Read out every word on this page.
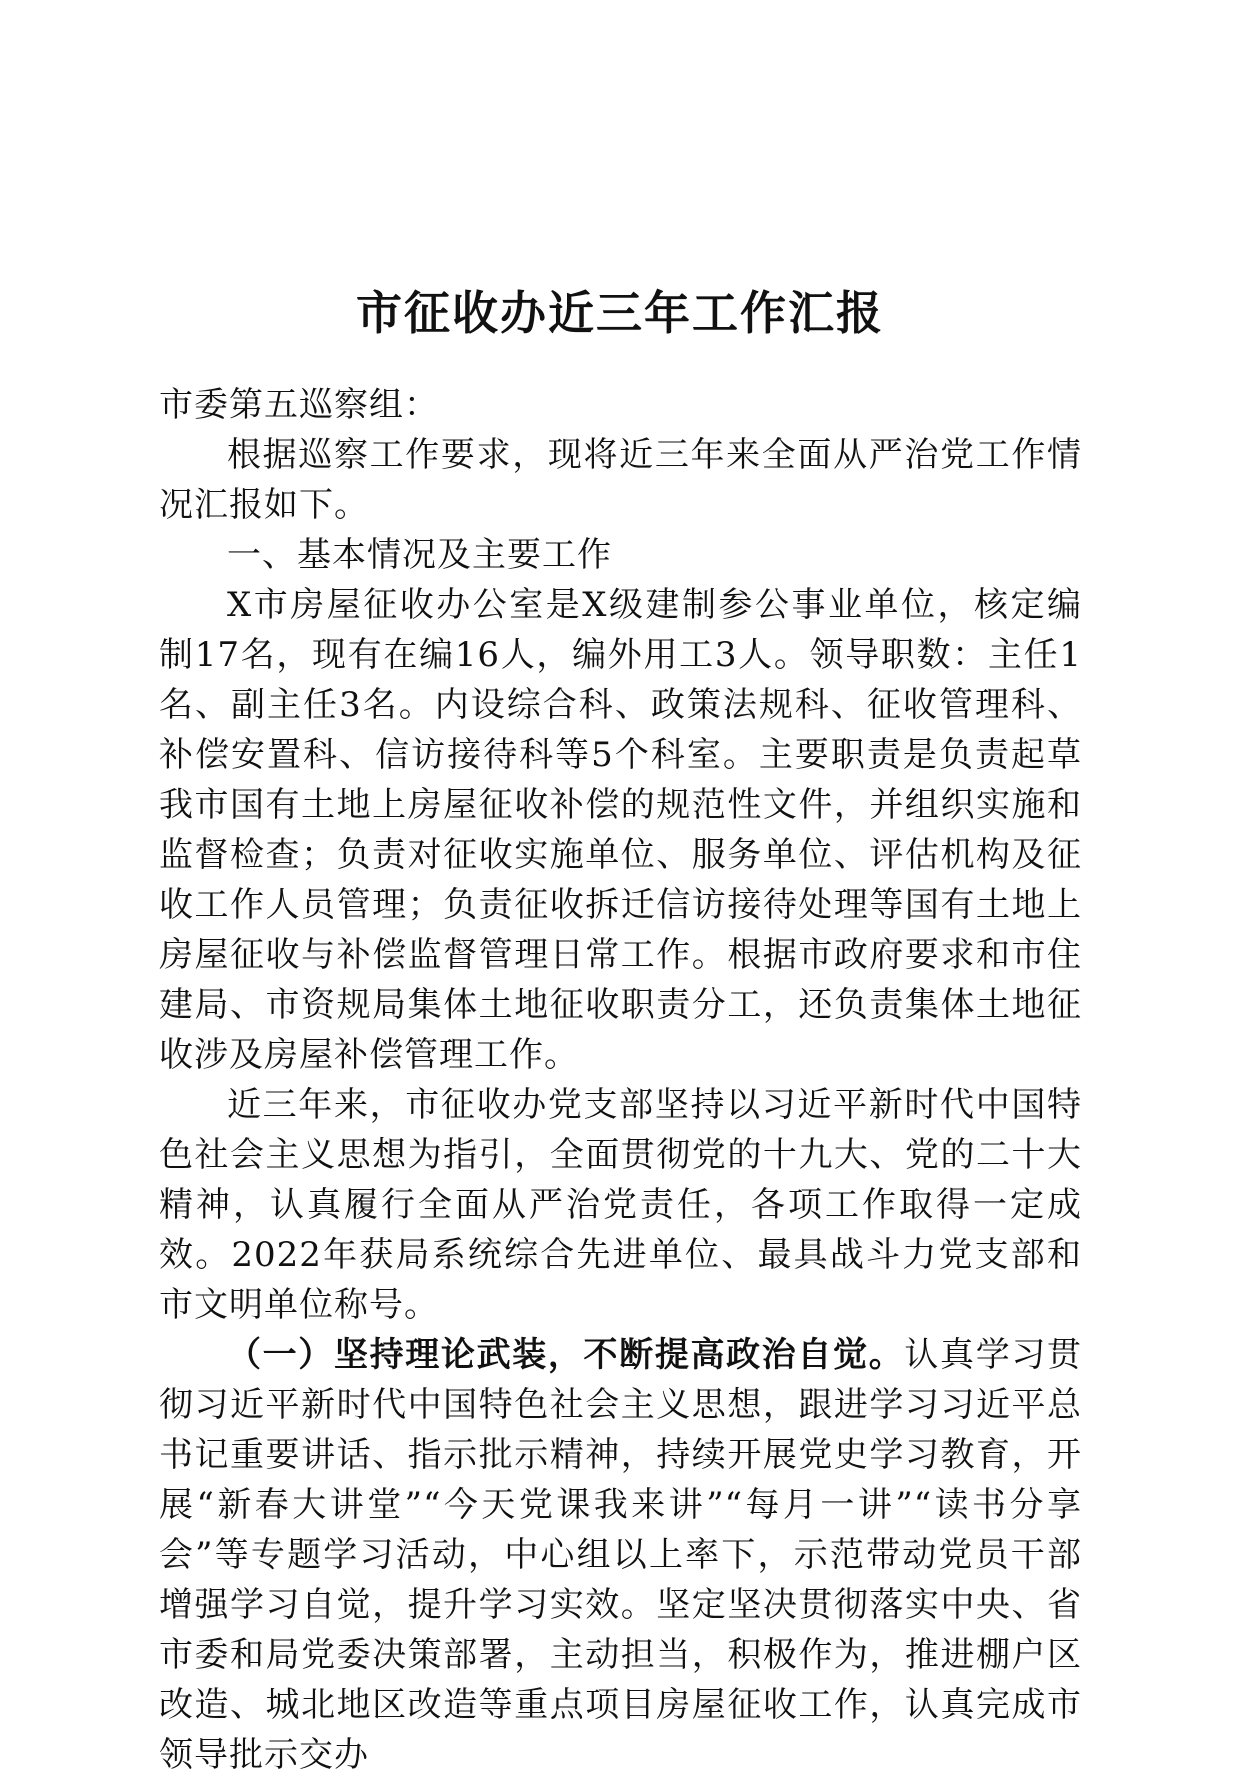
市征收办近三年工作汇报

市委第五巡察组：

根据巡察工作要求，现将近三年来全面从严治党工作情况汇报如下。

一、基本情况及主要工作

X市房屋征收办公室是X级建制参公事业单位，核定编制17名，现有在编16人，编外用工3人。领导职数：主任1名、副主任3名。内设综合科、政策法规科、征收管理科、补偿安置科、信访接待科等5个科室。主要职责是负责起草我市国有土地上房屋征收补偿的规范性文件，并组织实施和监督检查；负责对征收实施单位、服务单位、评估机构及征收工作人员管理；负责征收拆迁信访接待处理等国有土地上房屋征收与补偿监督管理日常工作。根据市政府要求和市住建局、市资规局集体土地征收职责分工，还负责集体土地征收涉及房屋补偿管理工作。

近三年来，市征收办党支部坚持以习近平新时代中国特色社会主义思想为指引，全面贯彻党的十九大、党的二十大精神，认真履行全面从严治党责任，各项工作取得一定成效。2022年获局系统综合先进单位、最具战斗力党支部和市文明单位称号。

（一）坚持理论武装，不断提高政治自觉。认真学习贯彻习近平新时代中国特色社会主义思想，跟进学习习近平总书记重要讲话、指示批示精神，持续开展党史学习教育，开展“新春大讲堂”“今天党课我来讲”“每月一讲”“读书分享会”等专题学习活动，中心组以上率下，示范带动党员干部增强学习自觉，提升学习实效。坚定坚决贯彻落实中央、省市委和局党委决策部署，主动担当，积极作为，推进棚户区改造、城北地区改造等重点项目房屋征收工作，认真完成市领导批示交办
